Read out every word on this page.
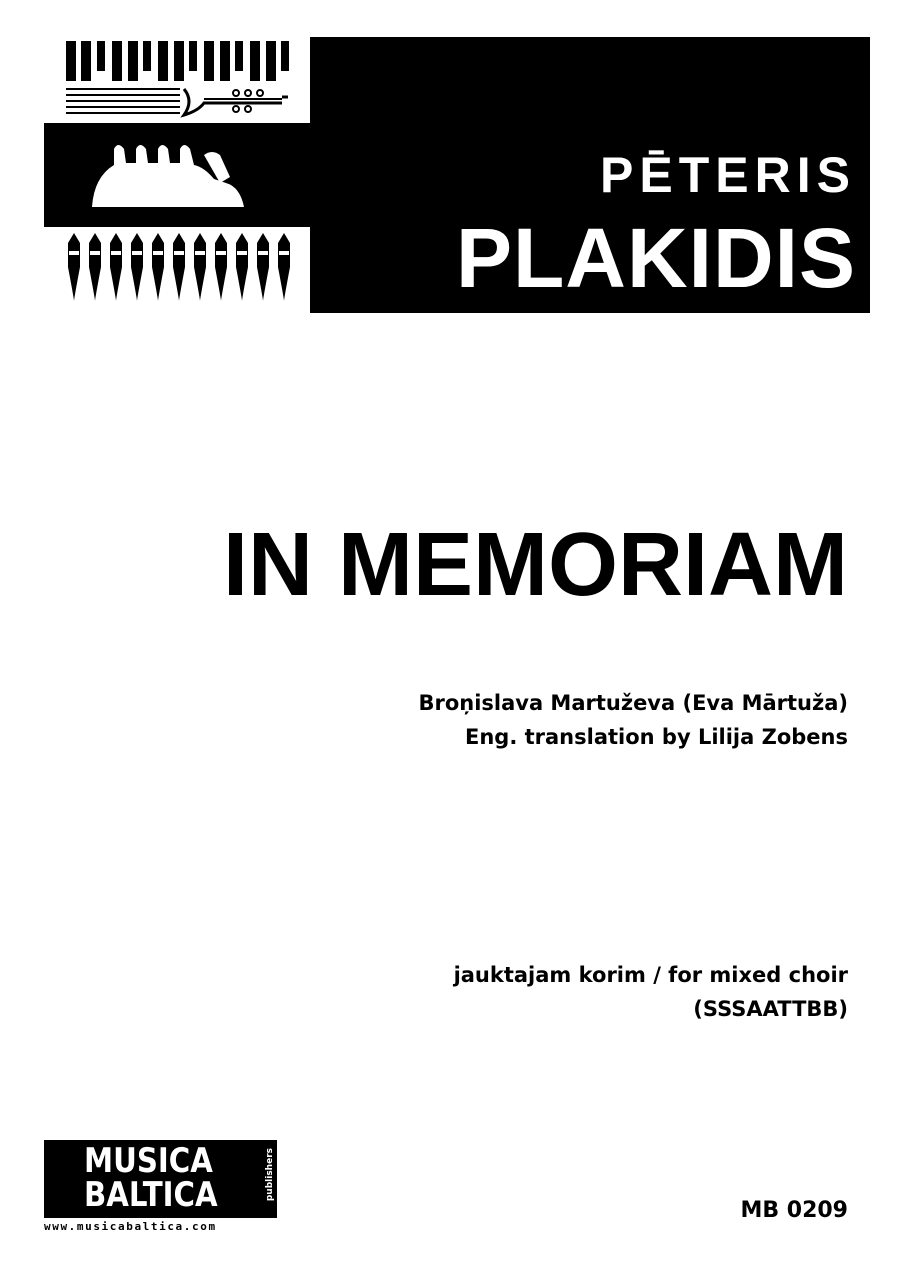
PĒTERIS
PLAKIDIS
IN MEMORIAM
Broņislava Martuževa (Eva Mārtuža)
Eng. translation by Lilija Zobens
jauktajam korim / for mixed choir
(SSSAATTBB)
MUSICA
BALTICA	publishers
www.musicabaltica.com
MB 0209
